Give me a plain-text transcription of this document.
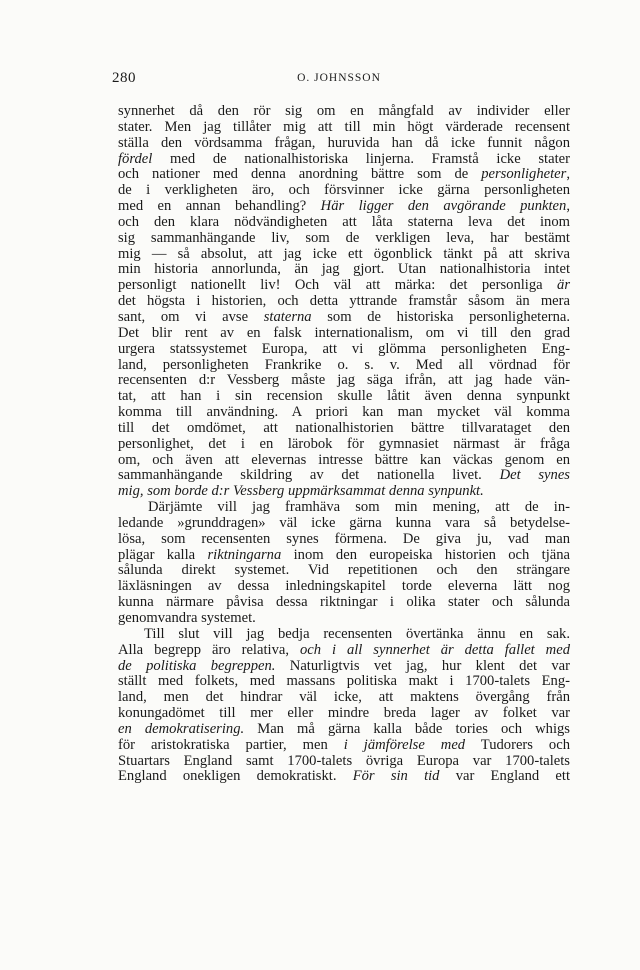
280	O. JOHNSSON
synnerhet då den rör sig om en mångfald av individer eller
stater. Men jag tillåter mig att till min högt värderade recensent
ställa den vördsamma frågan, huruvida han då icke funnit någon
fördel med de nationalhistoriska linjerna. Framstå icke stater
och nationer med denna anordning bättre som de personligheter,
de i verkligheten äro, och försvinner icke gärna personligheten
med en annan behandling? Här ligger den avgörande punkten,
och den klara nödvändigheten att låta staterna leva det inom
sig sammanhängande liv, som de verkligen leva, har bestämt
mig — så absolut, att jag icke ett ögonblick tänkt på att skriva
min historia annorlunda, än jag gjort. Utan nationalhistoria intet
personligt nationellt liv! Och väl att märka: det personliga är
det högsta i historien, och detta yttrande framstår såsom än mera
sant, om vi avse staterna som de historiska personligheterna.
Det blir rent av en falsk internationalism, om vi till den grad
urgera statssystemet Europa, att vi glömma personligheten Eng-
land, personligheten Frankrike o. s. v. Med all vördnad för
recensenten d:r Vessberg måste jag säga ifrån, att jag hade vän-
tat, att han i sin recension skulle låtit även denna synpunkt
komma till användning. A priori kan man mycket väl komma
till det omdömet, att nationalhistorien bättre tillvarataget den
personlighet, det i en lärobok för gymnasiet närmast är fråga
om, och även att elevernas intresse bättre kan väckas genom en
sammanhängande skildring av det nationella livet. Det synes
mig, som borde d:r Vessberg uppmärksammat denna synpunkt.
Därjämte vill jag framhäva som min mening, att de in-
ledande »grunddragen» väl icke gärna kunna vara så betydelse-
lösa, som recensenten synes förmena. De giva ju, vad man
plägar kalla riktningarna inom den europeiska historien och tjäna
sålunda direkt systemet. Vid repetitionen och den strängare
läxläsningen av dessa inledningskapitel torde eleverna lätt nog
kunna närmare påvisa dessa riktningar i olika stater och sålunda
genomvandra systemet.
Till slut vill jag bedja recensenten övertänka ännu en sak.
Alla begrepp äro relativa, och i all synnerhet är detta fallet med
de politiska begreppen. Naturligtvis vet jag, hur klent det var
ställt med folkets, med massans politiska makt i 1700-talets Eng-
land, men det hindrar väl icke, att maktens övergång från
konungadömet till mer eller mindre breda lager av folket var
en demokratisering. Man må gärna kalla både tories och whigs
för aristokratiska partier, men i jämförelse med Tudorers och
Stuartars England samt 1700-talets övriga Europa var 1700-talets
England onekligen demokratiskt. För sin tid var England ett
